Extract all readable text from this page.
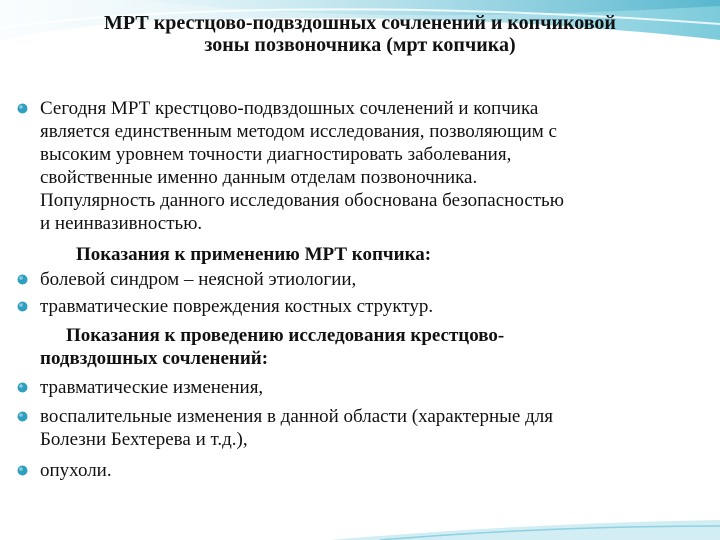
МРТ крестцово-подвздошных сочленений и копчиковой
зоны позвоночника (мрт копчика)
Сегодня МРТ крестцово-подвздошных сочленений и копчика
является единственным методом исследования, позволяющим с
высоким уровнем точности диагностировать заболевания,
свойственные именно данным отделам позвоночника.
Популярность данного исследования обоснована безопасностью
и неинвазивностью.

Показания к применению МРТ копчика:

болевой синдром – неясной этиологии,
травматические повреждения костных структур.
Показания к проведению исследования крестцово-
подвздошных сочленений:
травматические изменения,
воспалительные изменения в данной области (характерные для
Болезни Бехтерева и т.д.),
опухоли.
